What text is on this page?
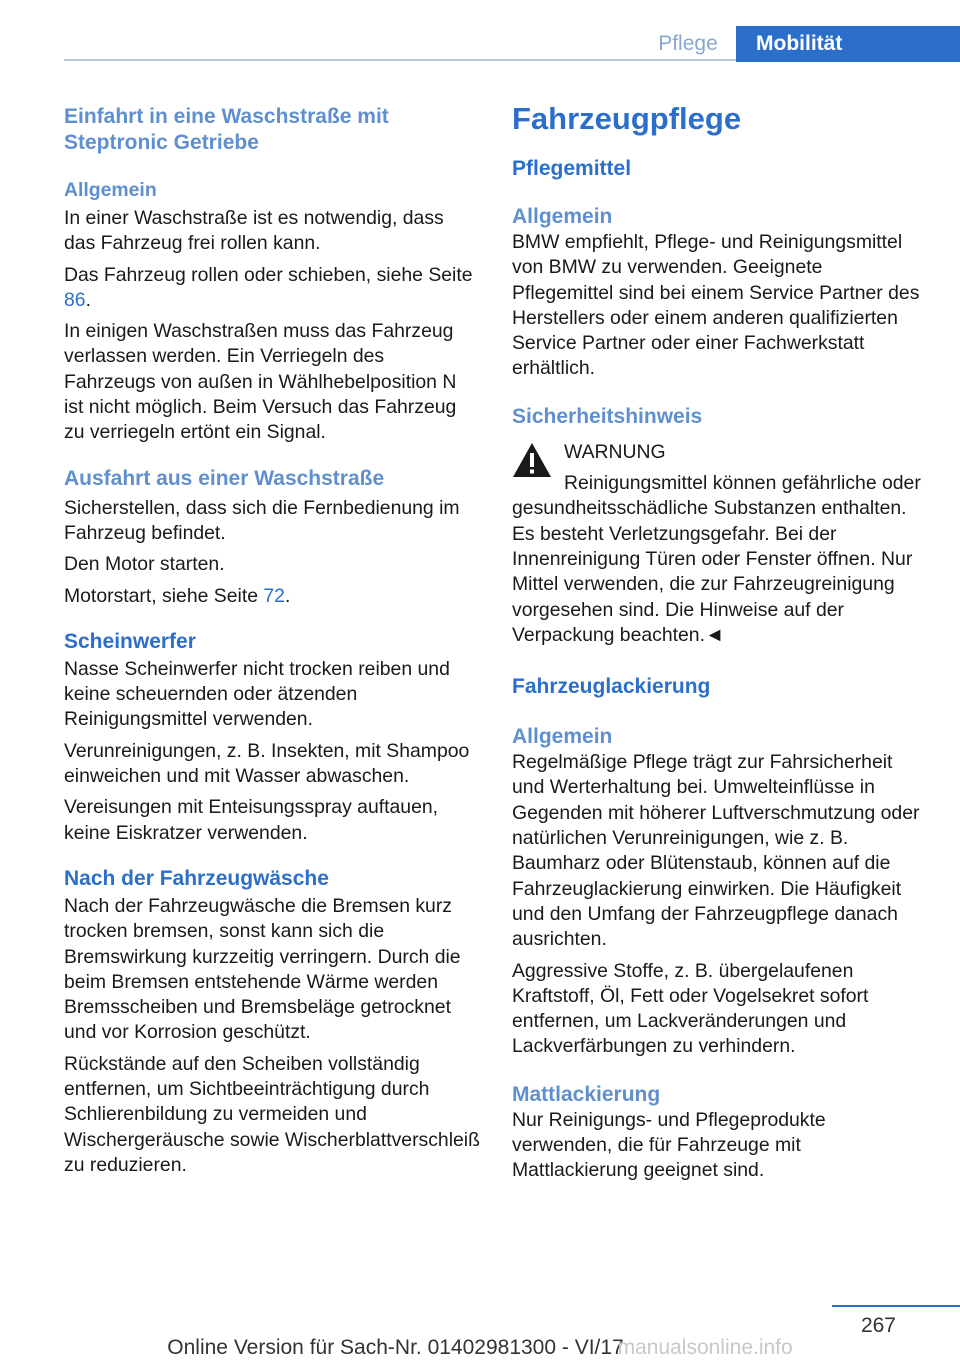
Pflege	Mobilität
Einfahrt in eine Waschstraße mit Steptronic Getriebe
Allgemein

In einer Waschstraße ist es notwendig, dass das Fahrzeug frei rollen kann.

Das Fahrzeug rollen oder schieben, siehe Seite 86.

In einigen Waschstraßen muss das Fahrzeug verlassen werden. Ein Verriegeln des Fahrzeugs von außen in Wählhebelposition N ist nicht möglich. Beim Versuch das Fahrzeug zu verriegeln ertönt ein Signal.

Ausfahrt aus einer Waschstraße

Sicherstellen, dass sich die Fernbedienung im Fahrzeug befindet.

Den Motor starten.

Motorstart, siehe Seite 72.

Scheinwerfer

Nasse Scheinwerfer nicht trocken reiben und keine scheuernden oder ätzenden Reinigungsmittel verwenden.

Verunreinigungen, z. B. Insekten, mit Shampoo einweichen und mit Wasser abwaschen.

Vereisungen mit Enteisungsspray auftauen, keine Eiskratzer verwenden.

Nach der Fahrzeugwäsche

Nach der Fahrzeugwäsche die Bremsen kurz trocken bremsen, sonst kann sich die Bremswirkung kurzzeitig verringern. Durch die beim Bremsen entstehende Wärme werden Bremsscheiben und Bremsbeläge getrocknet und vor Korrosion geschützt.

Rückstände auf den Scheiben vollständig entfernen, um Sichtbeeinträchtigung durch Schlierenbildung zu vermeiden und Wischergeräusche sowie Wischerblattverschleiß zu reduzieren.

Fahrzeugpflege
Pflegemittel
Allgemein

BMW empfiehlt, Pflege- und Reinigungsmittel von BMW zu verwenden. Geeignete Pflegemittel sind bei einem Service Partner des Herstellers oder einem anderen qualifizierten Service Partner oder einer Fachwerkstatt erhältlich.

Sicherheitshinweis

WARNUNG

Reinigungsmittel können gefährliche oder gesundheitsschädliche Substanzen enthalten. Es besteht Verletzungsgefahr. Bei der Innenreinigung Türen oder Fenster öffnen. Nur Mittel verwenden, die zur Fahrzeugreinigung vorgesehen sind. Die Hinweise auf der Verpackung beachten.◄

Fahrzeuglackierung
Allgemein

Regelmäßige Pflege trägt zur Fahrsicherheit und Werterhaltung bei. Umwelteinflüsse in Gegenden mit höherer Luftverschmutzung oder natürlichen Verunreinigungen, wie z. B. Baumharz oder Blütenstaub, können auf die Fahrzeuglackierung einwirken. Die Häufigkeit und den Umfang der Fahrzeugpflege danach ausrichten.

Aggressive Stoffe, z. B. übergelaufenen Kraftstoff, Öl, Fett oder Vogelsekret sofort entfernen, um Lackveränderungen und Lackverfärbungen zu verhindern.

Mattlackierung

Nur Reinigungs- und Pflegeprodukte verwenden, die für Fahrzeuge mit Mattlackierung geeignet sind.

267
Online Version für Sach-Nr. 01402981300 - VI/17 manualsonline.info
